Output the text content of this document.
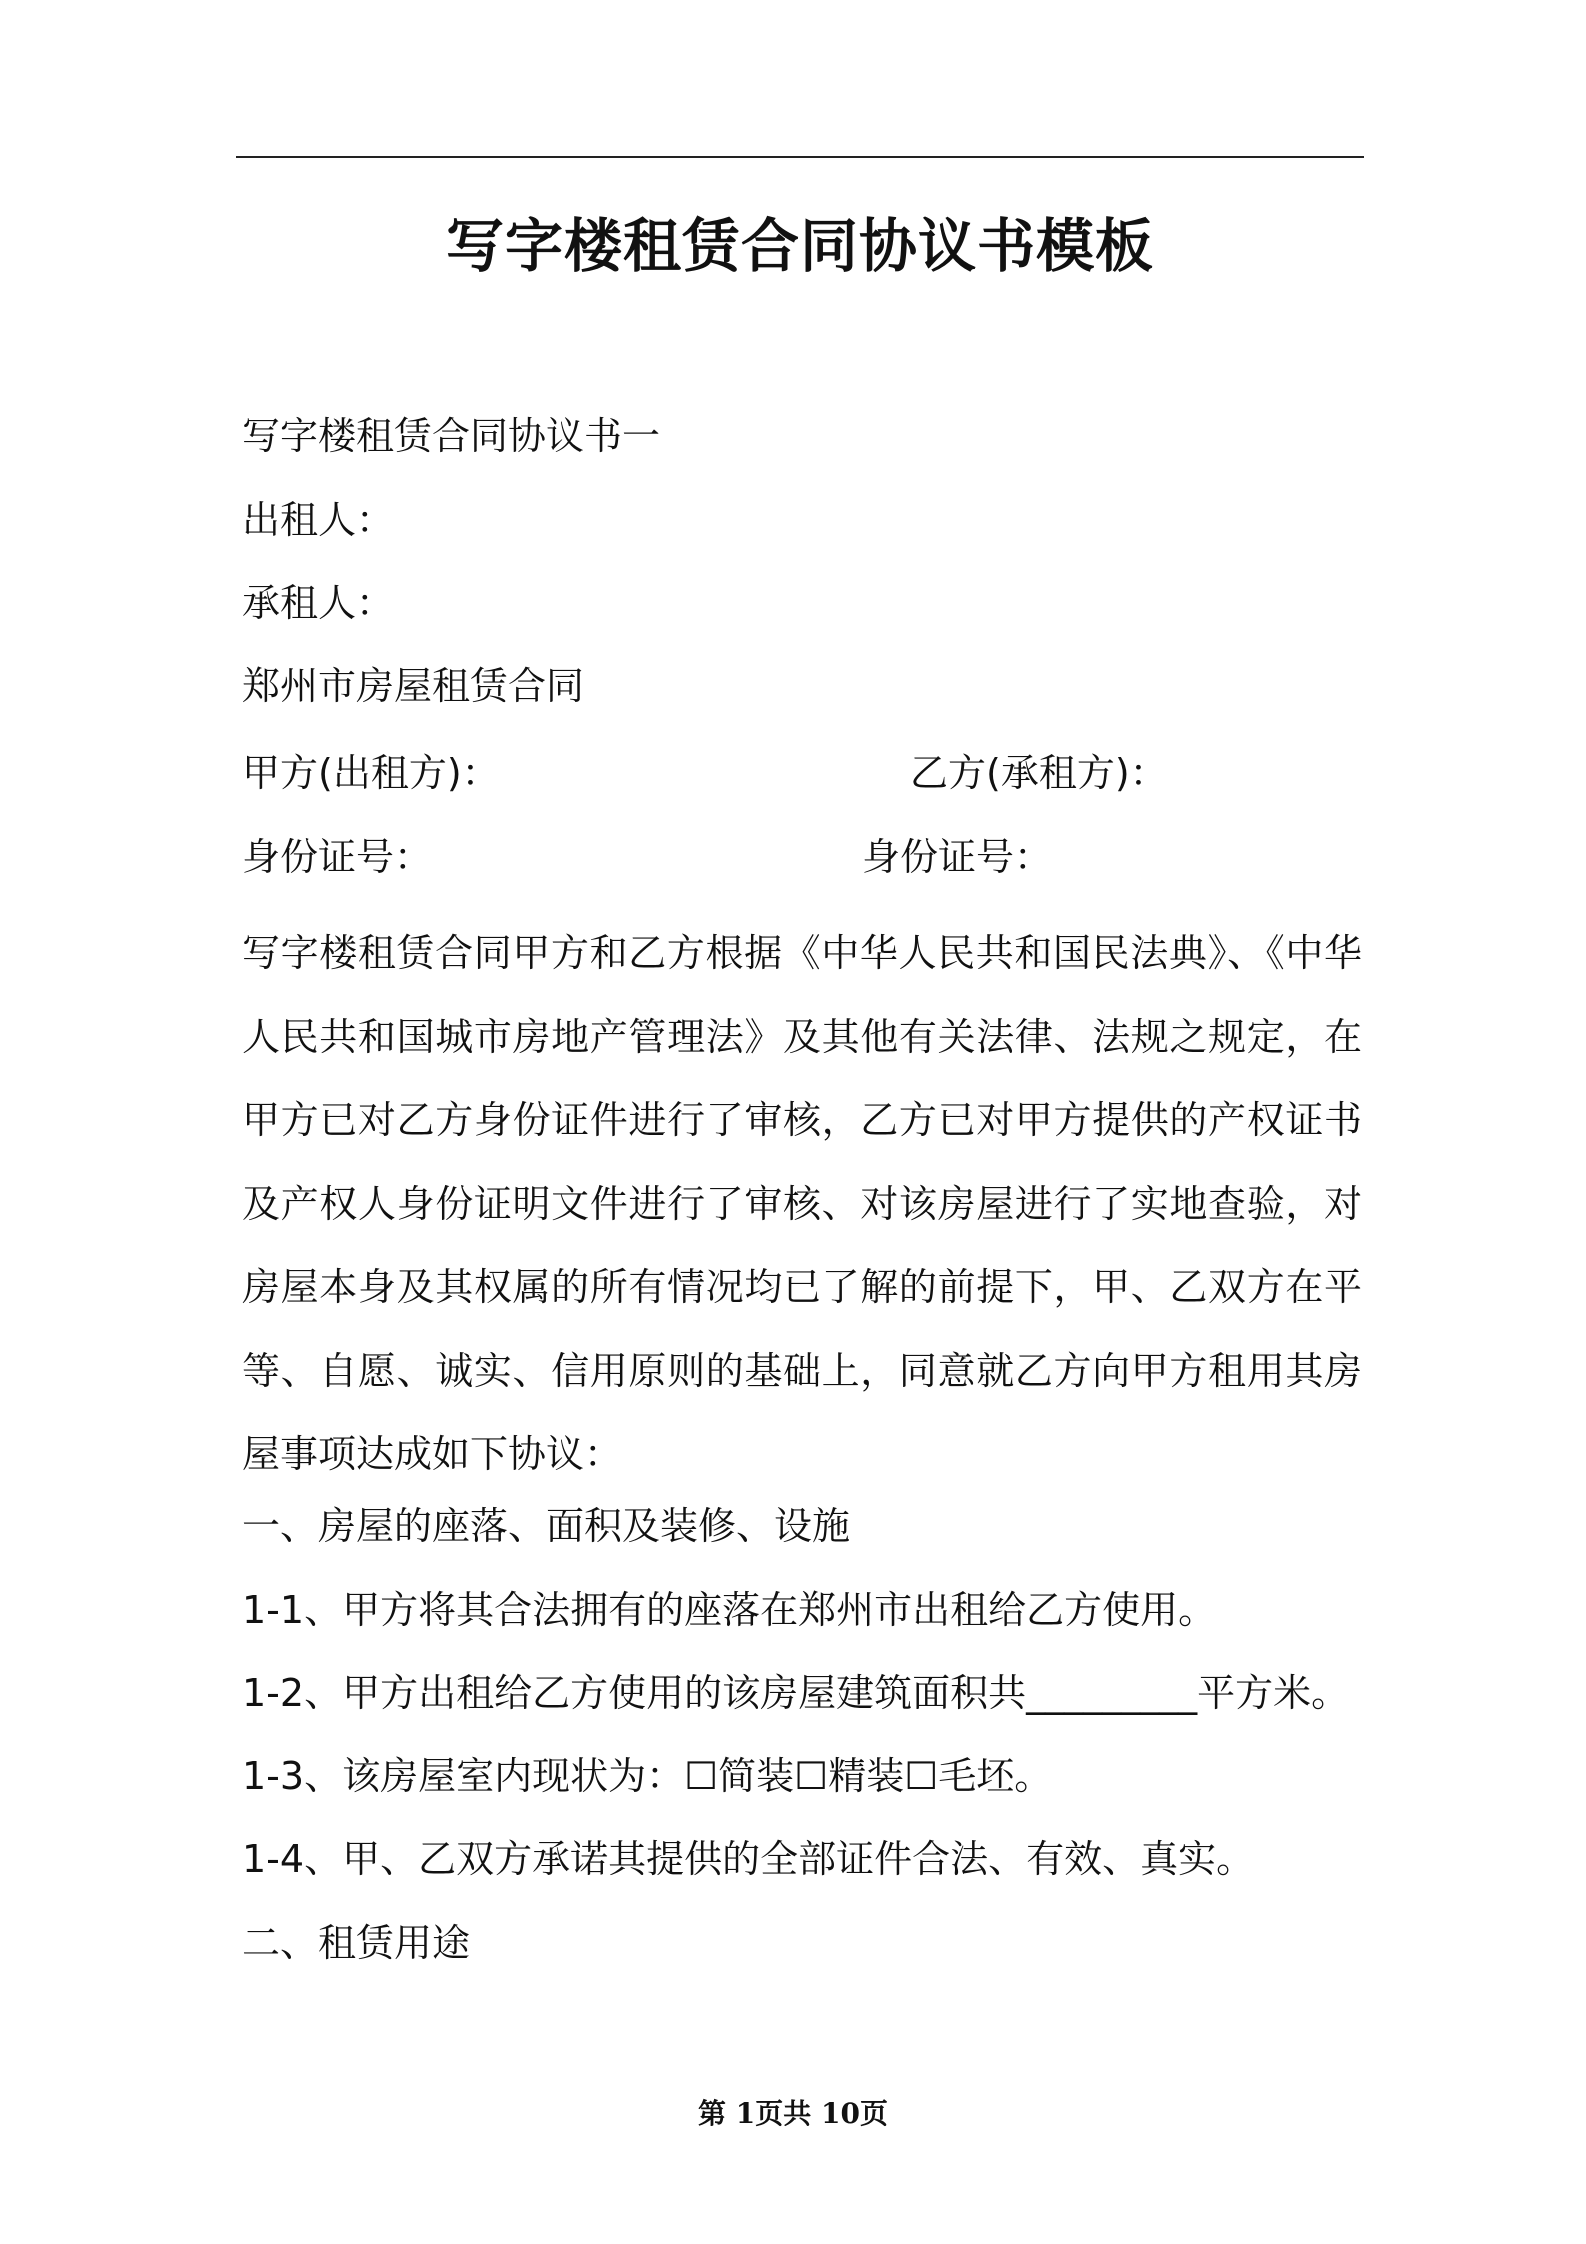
写字楼租赁合同协议书模板
写字楼租赁合同协议书一
出租人：
承租人：
郑州市房屋租赁合同
甲方(出租方)：	乙方(承租方)：
身份证号：	身份证号：

写字楼租赁合同甲方和乙方根据《中华人民共和国民法典》、《中华人民共和国城市房地产管理法》及其他有关法律、法规之规定，在甲方已对乙方身份证件进行了审核，乙方已对甲方提供的产权证书及产权人身份证明文件进行了审核、对该房屋进行了实地查验，对房屋本身及其权属的所有情况均已了解的前提下，甲、乙双方在平等、自愿、诚实、信用原则的基础上，同意就乙方向甲方租用其房屋事项达成如下协议：

一、房屋的座落、面积及装修、设施
1-1、甲方将其合法拥有的座落在郑州市出租给乙方使用。
1-2、甲方出租给乙方使用的该房屋建筑面积共_________平方米。
1-3、该房屋室内现状为：☐简装☐精装☐毛坯。
1-4、甲、乙双方承诺其提供的全部证件合法、有效、真实。
二、租赁用途
第 1页共 10页
